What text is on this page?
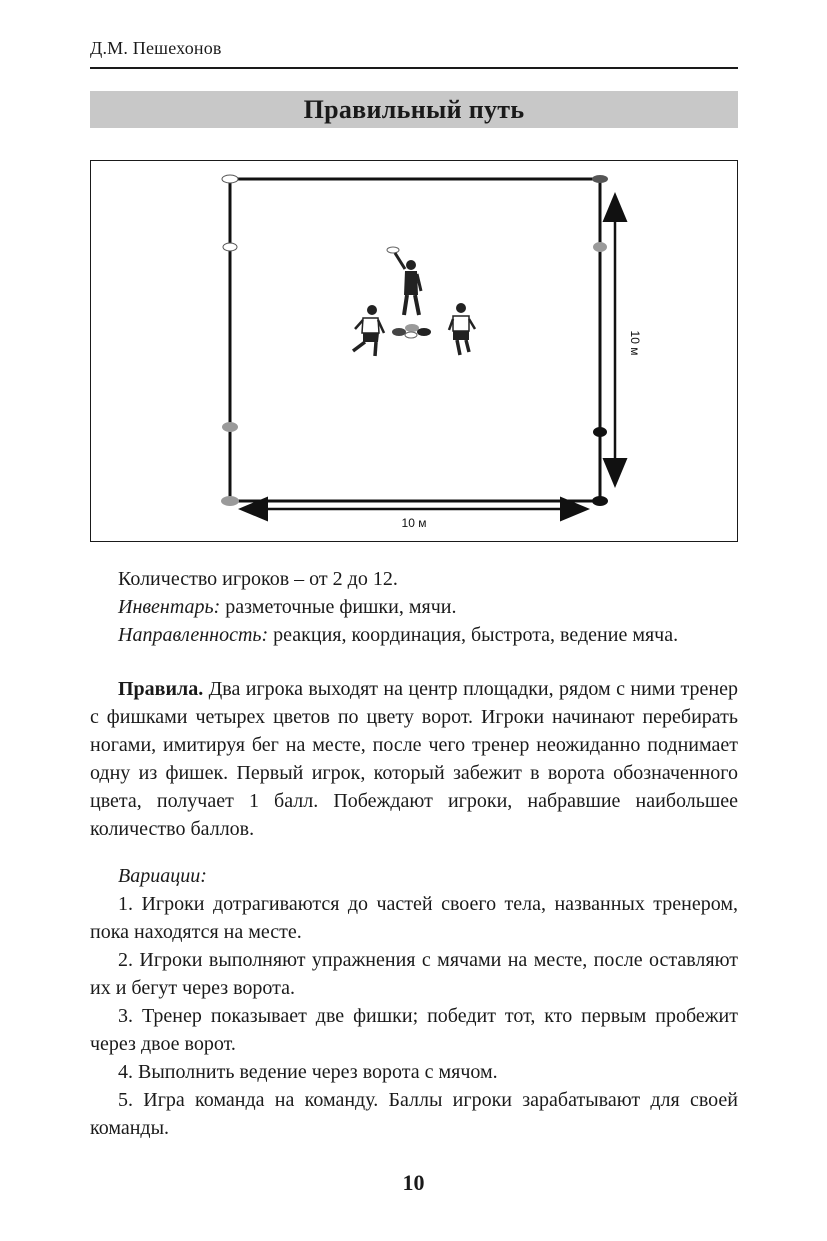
Д.М. Пешехонов
Правильный путь
10 м
10 м
Количество игроков – от 2 до 12.
Инвентарь: разметочные фишки, мячи.
Направленность: реакция, координация, быстрота, ведение мяча.
Правила. Два игрока выходят на центр площадки, рядом с ними тренер с фишками четырех цветов по цвету ворот. Игроки начинают перебирать ногами, имитируя бег на месте, после чего тренер неожиданно поднимает одну из фишек. Первый игрок, который забежит в ворота обозначенного цвета, получает 1 балл. Побеждают игроки, набравшие наибольшее количество баллов.
Вариации:
1. Игроки дотрагиваются до частей своего тела, названных тренером, пока находятся на месте.
2. Игроки выполняют упражнения с мячами на месте, после оставляют их и бегут через ворота.
3. Тренер показывает две фишки; победит тот, кто первым пробежит через двое ворот.
4. Выполнить ведение через ворота с мячом.
5. Игра команда на команду. Баллы игроки зарабатывают для своей команды.
10
